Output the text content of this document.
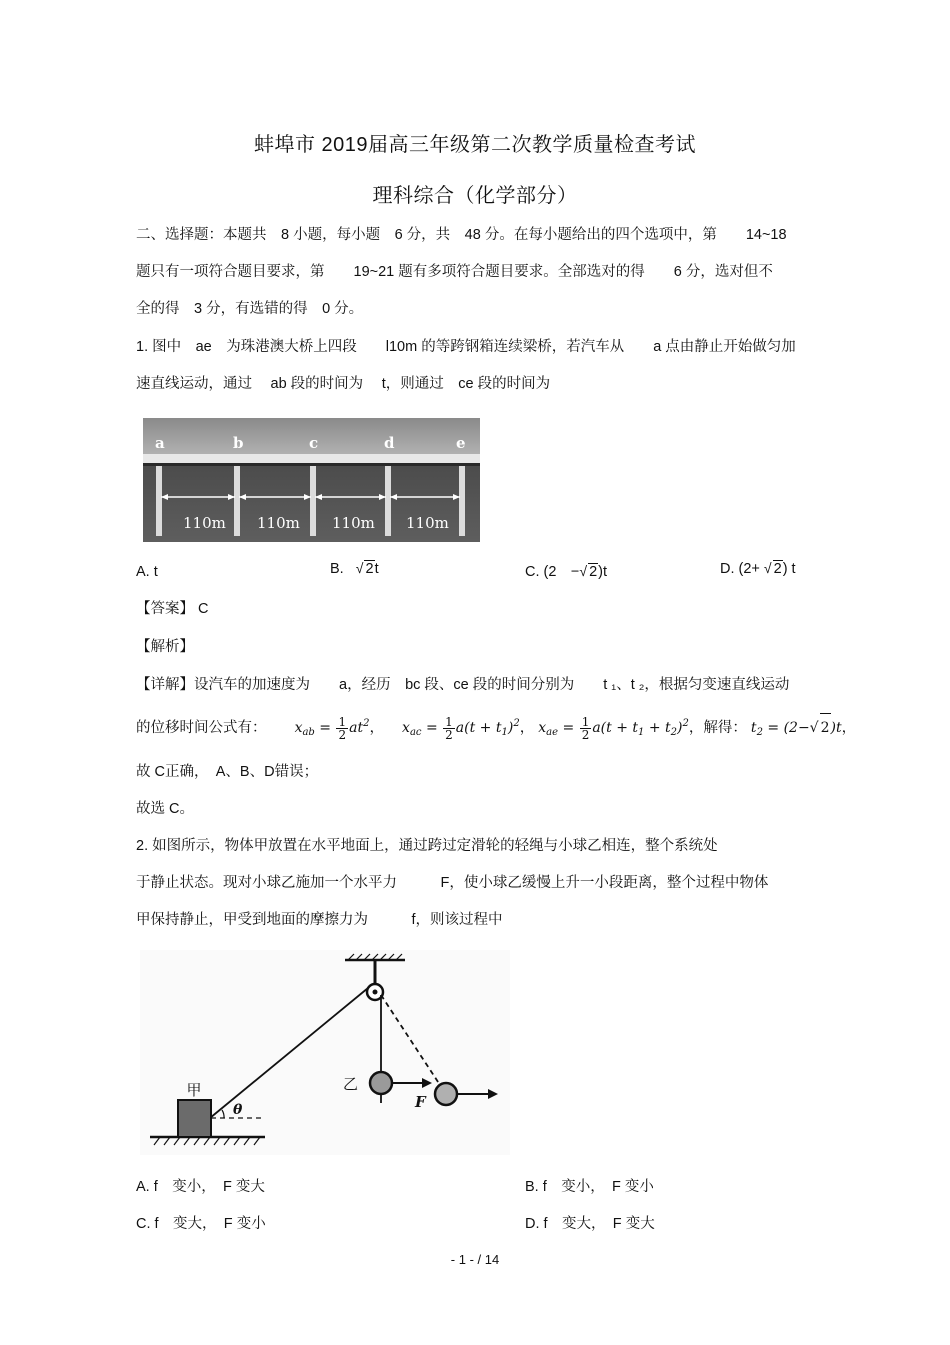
蚌埠市 2019届高三年级第二次教学质量检查考试
理科综合（化学部分）
二、选择题：本题共　8 小题，每小题　6 分，共　48 分。在每小题给出的四个选项中，第　　14~18
题只有一项符合题目要求，第　　19~21 题有多项符合题目要求。全部选对的得　　6 分，选对但不
全的得　3 分，有选错的得　0 分。
1. 图中　ae　为珠港澳大桥上四段　　l10m 的等跨钢箱连续梁桥，若汽车从　　a 点由静止开始做匀加
速直线运动，通过　 ab 段的时间为　 t，则通过　ce 段的时间为
a	b	c	d	e
110m 110m 110m 110m
A. t	B. √ 2t	C. (2　−√ 2)t	D. (2+ √ 2) t
【答案】 C
【解析】
【详解】设汽车的加速度为　　a，经历　bc 段、ce 段的时间分别为　　t ₁、t ₂，根据匀变速直线运动
的位移时间公式有： $x_{ab} = \frac{1}{2} at^2$，  $x_{ac} = \frac{1}{2} a(t + t_1)^2$， $x_{ae} = \frac{1}{2} a(t + t_1 + t_2)^2$，解得： $t_2 = (2-√$ 2)t，
故 C正确，　A、B、D错误；
故选 C。
2. 如图所示，物体甲放置在水平地面上，通过跨过定滑轮的轻绳与小球乙相连，整个系统处
于静止状态。现对小球乙施加一个水平力　　　F，使小球乙缓慢上升一小段距离，整个过程中物体
甲保持静止，甲受到地面的摩擦力为　　　f，则该过程中
甲
θ
乙
F
A. f　变小，　F 变大	B. f　变小，　F 变小
C. f　变大，　F 变小	D. f　变大，　F 变大
- 1 - / 14
